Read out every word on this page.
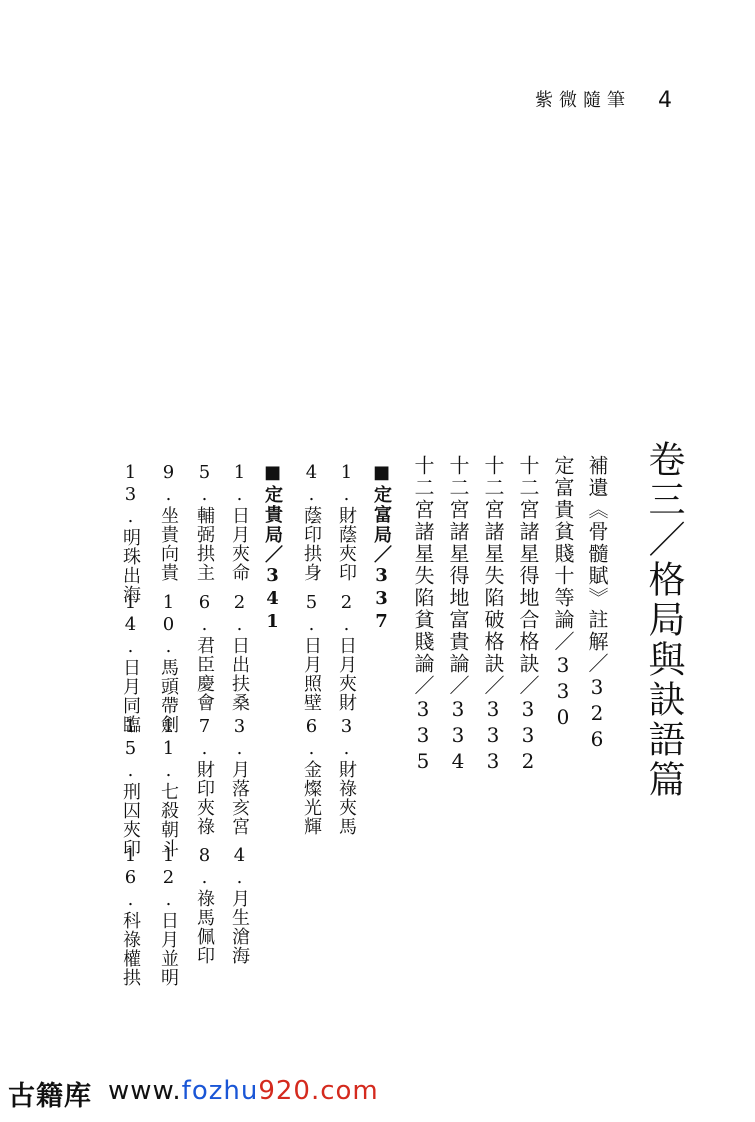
紫微隨筆 4
卷三／格局與訣語篇
補遺《骨髓賦》註解／326
定富貴貧賤十等論／330
十二宮諸星得地合格訣／332
十二宮諸星失陷破格訣／333
十二宮諸星得地富貴論／334
十二宮諸星失陷貧賤論／335
■定富局／337
1.財蔭夾印
2.日月夾財
3.財祿夾馬
4.蔭印拱身
5.日月照壁
6.金燦光輝
■定貴局／341
1.日月夾命
2.日出扶桑
3.月落亥宮
4.月生滄海
5.輔弼拱主
6.君臣慶會
7.財印夾祿
8.祿馬佩印
9.坐貴向貴
10.馬頭帶劍
11.七殺朝斗
12.日月並明
13.明珠出海
14.日月同臨
15.刑囚夾印
16.科祿權拱
古籍库 www.fozhu920.com
